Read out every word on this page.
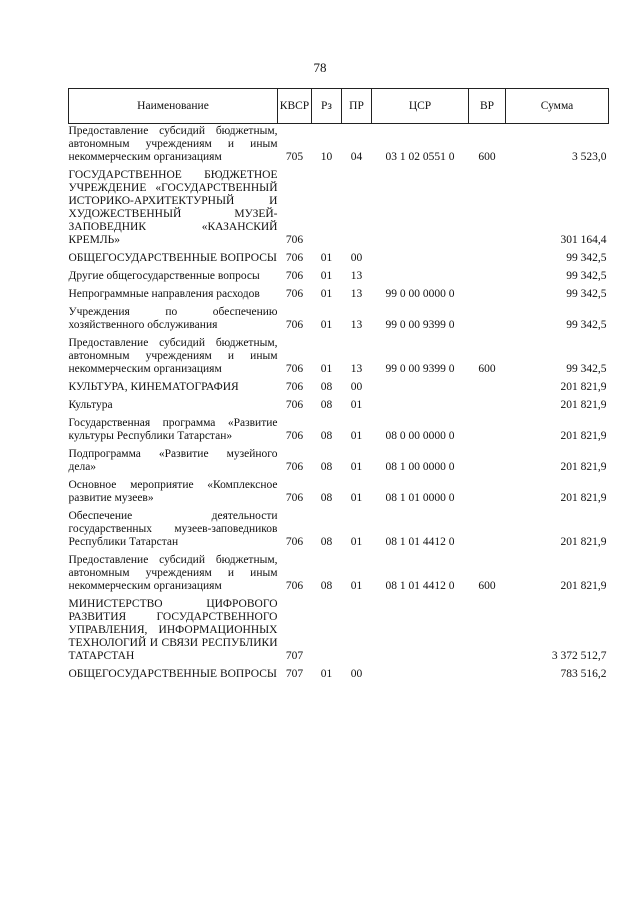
78
Наименование	КВСР	Рз	ПР	ЦСР	ВР	Сумма
Предоставление субсидий бюджетным, автономным учреждениям и иным некоммерческим организациям	705	10	04	03 1 02 0551 0	600	3 523,0
ГОСУДАРСТВЕННОЕ БЮДЖЕТНОЕ УЧРЕЖДЕНИЕ «ГОСУДАРСТВЕННЫЙ ИСТОРИКО-АРХИТЕКТУРНЫЙ И ХУДОЖЕСТВЕННЫЙ МУЗЕЙ-ЗАПОВЕДНИК «КАЗАНСКИЙ КРЕМЛЬ»	706					301 164,4
ОБЩЕГОСУДАРСТВЕННЫЕ ВОПРОСЫ	706	01	00			99 342,5
Другие общегосударственные вопросы	706	01	13			99 342,5
Непрограммные направления расходов	706	01	13	99 0 00 0000 0		99 342,5
Учреждения по обеспечению хозяйственного обслуживания	706	01	13	99 0 00 9399 0		99 342,5
Предоставление субсидий бюджетным, автономным учреждениям и иным некоммерческим организациям	706	01	13	99 0 00 9399 0	600	99 342,5
КУЛЬТУРА, КИНЕМАТОГРАФИЯ	706	08	00			201 821,9
Культура	706	08	01			201 821,9
Государственная программа «Развитие культуры Республики Татарстан»	706	08	01	08 0 00 0000 0		201 821,9
Подпрограмма «Развитие музейного дела»	706	08	01	08 1 00 0000 0		201 821,9
Основное мероприятие «Комплексное развитие музеев»	706	08	01	08 1 01 0000 0		201 821,9
Обеспечение деятельности государственных музеев-заповедников Республики Татарстан	706	08	01	08 1 01 4412 0		201 821,9
Предоставление субсидий бюджетным, автономным учреждениям и иным некоммерческим организациям	706	08	01	08 1 01 4412 0	600	201 821,9
МИНИСТЕРСТВО ЦИФРОВОГО РАЗВИТИЯ ГОСУДАРСТВЕННОГО УПРАВЛЕНИЯ, ИНФОРМАЦИОННЫХ ТЕХНОЛОГИЙ И СВЯЗИ РЕСПУБЛИКИ ТАТАРСТАН	707					3 372 512,7
ОБЩЕГОСУДАРСТВЕННЫЕ ВОПРОСЫ	707	01	00			783 516,2
